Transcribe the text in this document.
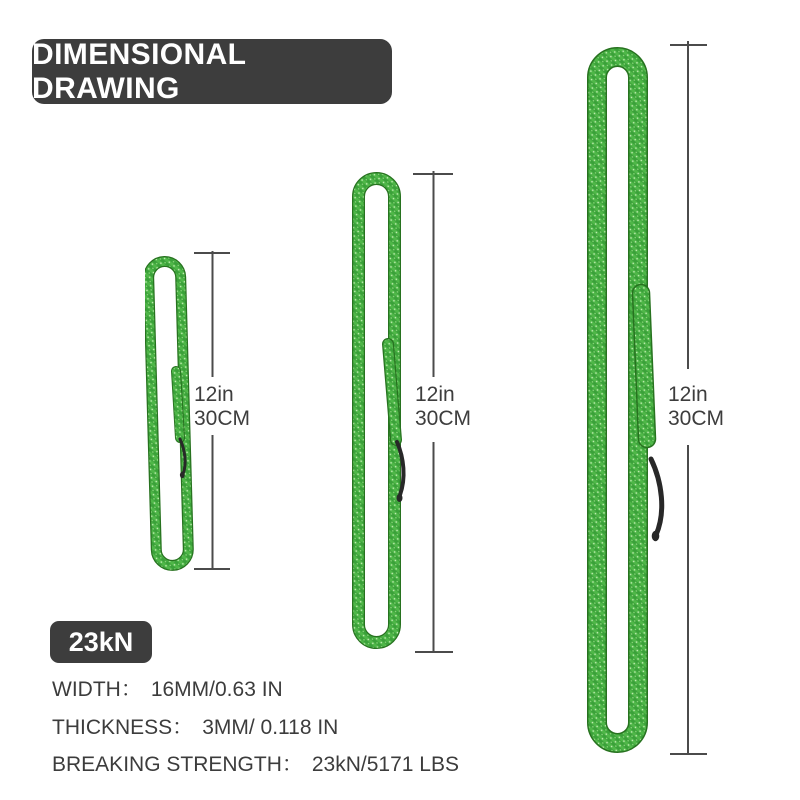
DIMENSIONAL DRAWING
12in
30CM
12in
30CM
12in
30CM
23kN
WIDTH： 16MM/0.63 IN
THICKNESS： 3MM/ 0.118 IN
BREAKING STRENGTH： 23kN/5171 LBS
